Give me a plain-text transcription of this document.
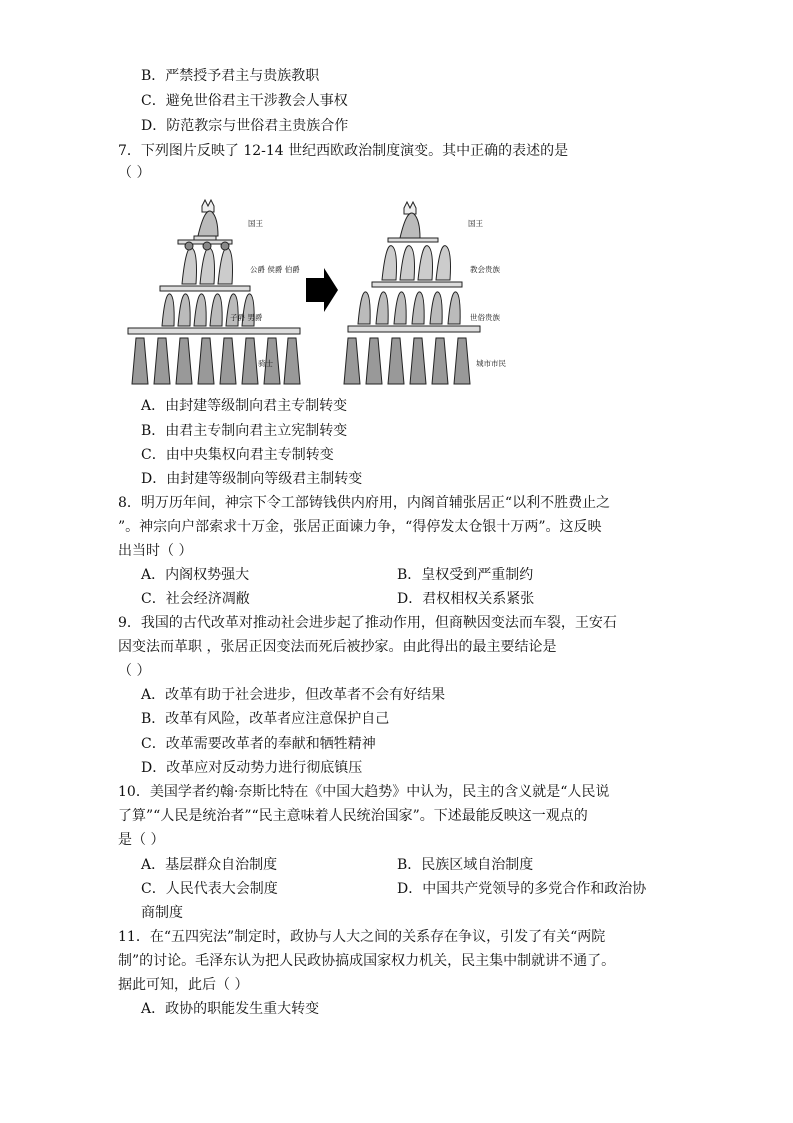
B．严禁授予君主与贵族教职
C．避免世俗君主干涉教会人事权
D．防范教宗与世俗君主贵族合作
7．下列图片反映了 12-14 世纪西欧政治制度演变。其中正确的表述的是
（ ）
国王
公爵 侯爵 伯爵
子爵 男爵
骑士
国王
教会贵族
世俗贵族
城市市民
A．由封建等级制向君主专制转变
B．由君主专制向君主立宪制转变
C．由中央集权向君主专制转变
D．由封建等级制向等级君主制转变
8．明万历年间，神宗下令工部铸钱供内府用，内阁首辅张居正“以利不胜费止之
”。神宗向户部索求十万金，张居正面谏力争，“得停发太仓银十万两”。这反映
出当时（ ）
A．内阁权势强大	B．皇权受到严重制约
C．社会经济凋敝	D．君权相权关系紧张
9．我国的古代改革对推动社会进步起了推动作用，但商鞅因变法而车裂，王安石
因变法而革职 ，张居正因变法而死后被抄家。由此得出的最主要结论是
（ ）
A．改革有助于社会进步，但改革者不会有好结果
B．改革有风险，改革者应注意保护自己
C．改革需要改革者的奉献和牺牲精神
D．改革应对反动势力进行彻底镇压
10．美国学者约翰·奈斯比特在《中国大趋势》中认为，民主的含义就是“人民说
了算”“人民是统治者”“民主意味着人民统治国家”。下述最能反映这一观点的
是（ ）
A．基层群众自治制度	B．民族区域自治制度
C．人民代表大会制度	D．中国共产党领导的多党合作和政治协
商制度
11．在“五四宪法”制定时，政协与人大之间的关系存在争议，引发了有关“两院
制”的讨论。毛泽东认为把人民政协搞成国家权力机关，民主集中制就讲不通了。
据此可知，此后（ ）
A．政协的职能发生重大转变
